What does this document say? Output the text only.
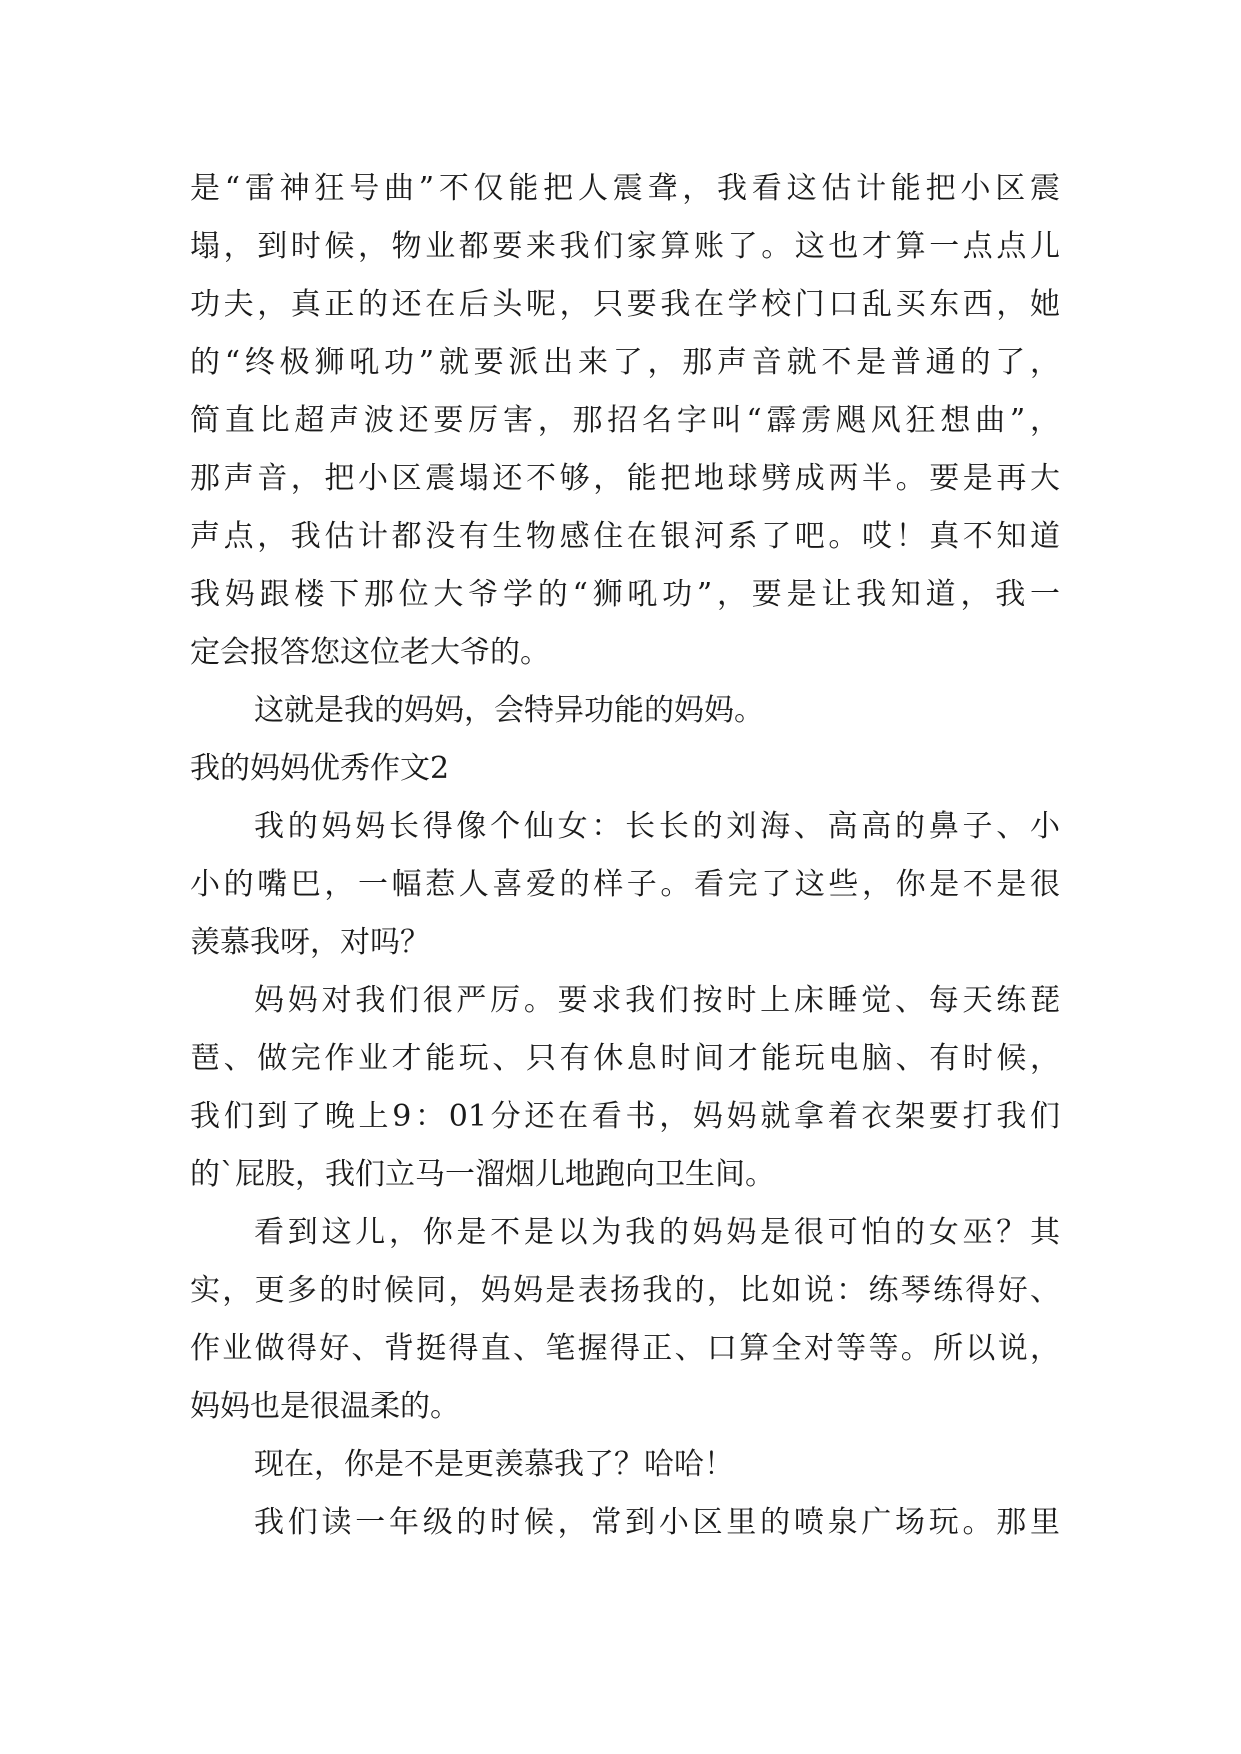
是“雷神狂号曲”不仅能把人震聋，我看这估计能把小区震
塌，到时候，物业都要来我们家算账了。这也才算一点点儿
功夫，真正的还在后头呢，只要我在学校门口乱买东西，她
的“终极狮吼功”就要派出来了，那声音就不是普通的了，
简直比超声波还要厉害，那招名字叫“霹雳飓风狂想曲”，
那声音，把小区震塌还不够，能把地球劈成两半。要是再大
声点，我估计都没有生物感住在银河系了吧。哎！真不知道
我妈跟楼下那位大爷学的“狮吼功”，要是让我知道，我一
定会报答您这位老大爷的。
这就是我的妈妈，会特异功能的妈妈。
我的妈妈优秀作文2
我的妈妈长得像个仙女：长长的刘海、高高的鼻子、小
小的嘴巴，一幅惹人喜爱的样子。看完了这些，你是不是很
羡慕我呀，对吗？
妈妈对我们很严厉。要求我们按时上床睡觉、每天练琵
琶、做完作业才能玩、只有休息时间才能玩电脑、有时候，
我们到了晚上9：01分还在看书，妈妈就拿着衣架要打我们
的`屁股，我们立马一溜烟儿地跑向卫生间。
看到这儿，你是不是以为我的妈妈是很可怕的女巫？其
实，更多的时候同，妈妈是表扬我的，比如说：练琴练得好、
作业做得好、背挺得直、笔握得正、口算全对等等。所以说，
妈妈也是很温柔的。
现在，你是不是更羡慕我了？哈哈！
我们读一年级的时候，常到小区里的喷泉广场玩。那里
